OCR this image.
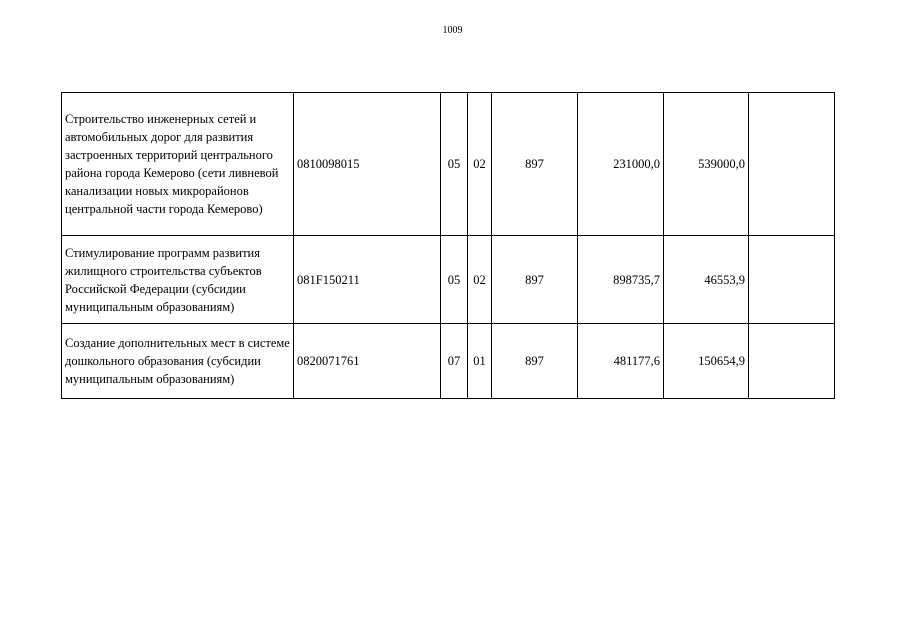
1009
Строительство инженерных сетей и автомобильных дорог для развития застроенных территорий центрального района города Кемерово (сети ливневой канализации новых микрорайонов центральной части города Кемерово)	0810098015	05	02	897	231000,0	539000,0	
Стимулирование программ развития жилищного строительства субъектов Российской Федерации (субсидии муниципальным образованиям)	081F150211	05	02	897	898735,7	46553,9	
Создание дополнительных мест в системе дошкольного образования (субсидии муниципальным образованиям)	0820071761	07	01	897	481177,6	150654,9	
